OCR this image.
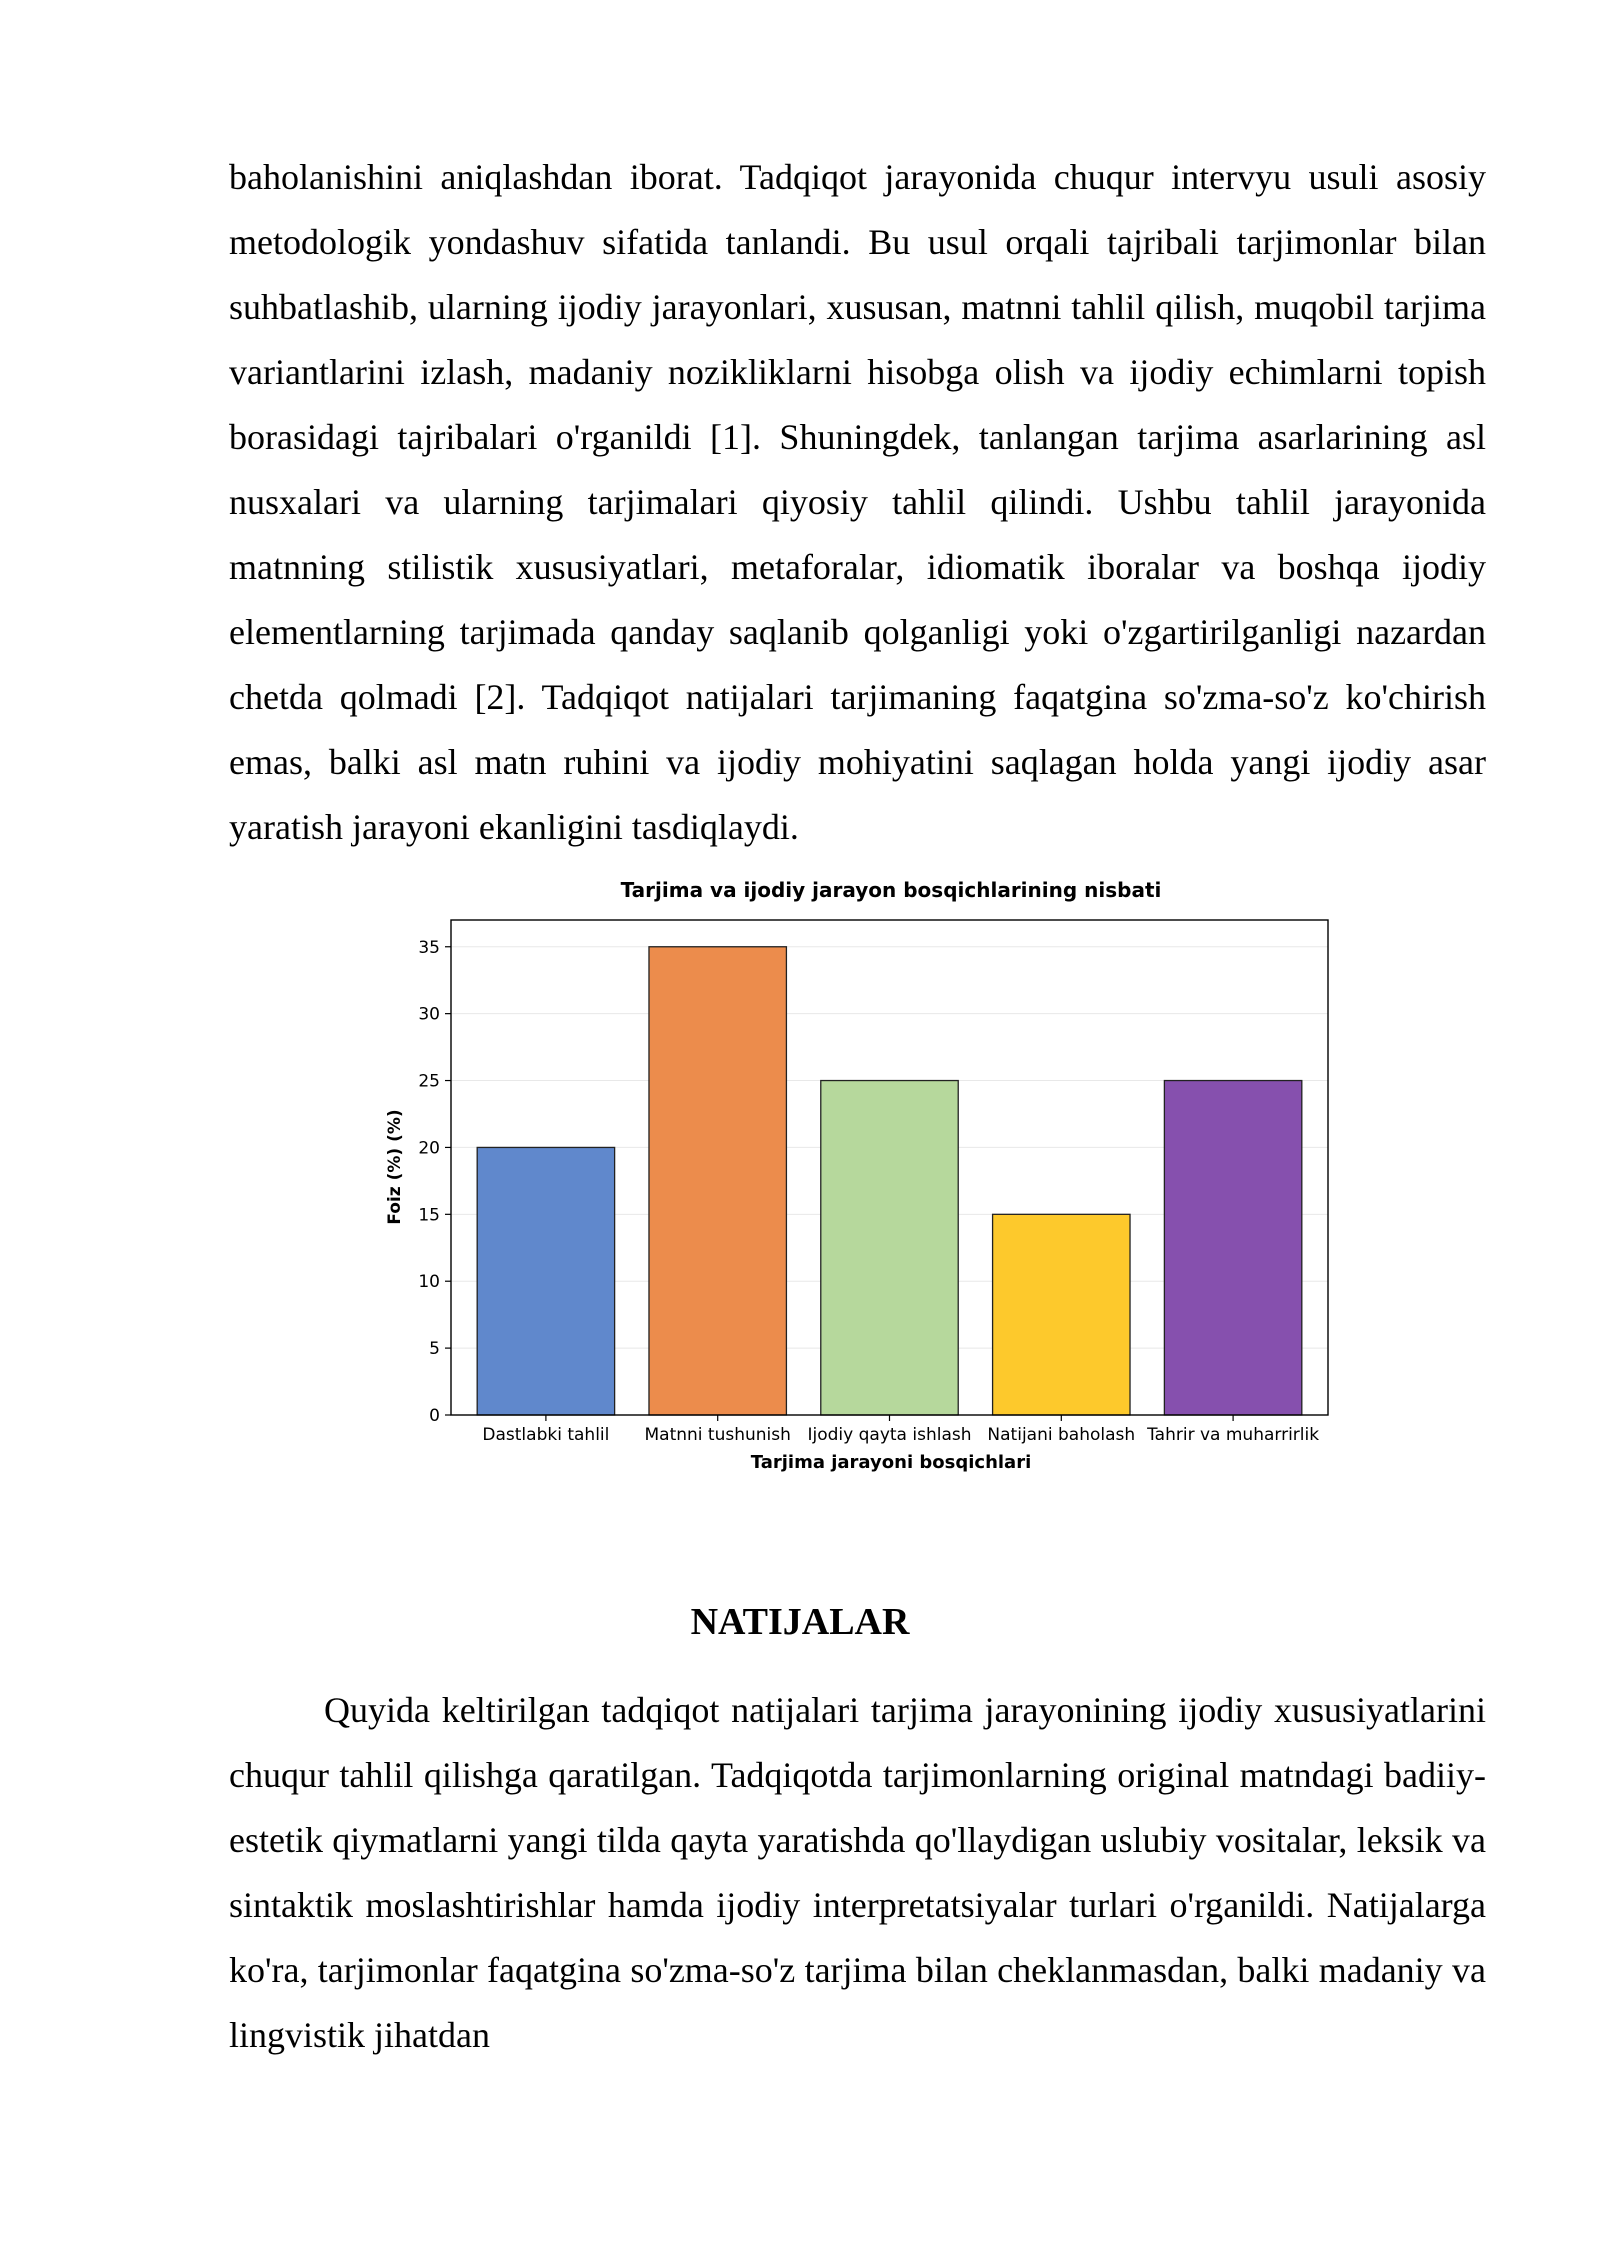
baholanishini aniqlashdan iborat. Tadqiqot jarayonida chuqur intervyu usuli asosiy metodologik yondashuv sifatida tanlandi. Bu usul orqali tajribali tarjimonlar bilan suhbatlashib, ularning ijodiy jarayonlari, xususan, matnni tahlil qilish, muqobil tarjima variantlarini izlash, madaniy nozikliklarni hisobga olish va ijodiy echimlarni topish borasidagi tajribalari o'rganildi [1]. Shuningdek, tanlangan tarjima asarlarining asl nusxalari va ularning tarjimalari qiyosiy tahlil qilindi. Ushbu tahlil jarayonida matnning stilistik xususiyatlari, metaforalar, idiomatik iboralar va boshqa ijodiy elementlarning tarjimada qanday saqlanib qolganligi yoki o'zgartirilganligi nazardan chetda qolmadi [2]. Tadqiqot natijalari tarjimaning faqatgina so'zma-so'z ko'chirish emas, balki asl matn ruhini va ijodiy mohiyatini saqlagan holda yangi ijodiy asar yaratish jarayoni ekanligini tasdiqlaydi.

Tarjima va ijodiy jarayon bosqichlarining nisbati
0
5
10
15
20
25
30
35
Dastlabki tahlil Matnni tushunish Ijodiy qayta ishlash Natijani baholash Tahrir va muharrirlik
Foiz (%) (%)
Tarjima jarayoni bosqichlari
NATIJALAR

Quyida keltirilgan tadqiqot natijalari tarjima jarayonining ijodiy xususiyatlarini chuqur tahlil qilishga qaratilgan. Tadqiqotda tarjimonlarning original matndagi badiiy-estetik qiymatlarni yangi tilda qayta yaratishda qo'llaydigan uslubiy vositalar, leksik va sintaktik moslashtirishlar hamda ijodiy interpretatsiyalar turlari o'rganildi. Natijalarga ko'ra, tarjimonlar faqatgina so'zma-so'z tarjima bilan cheklanmasdan, balki madaniy va lingvistik jihatdan
